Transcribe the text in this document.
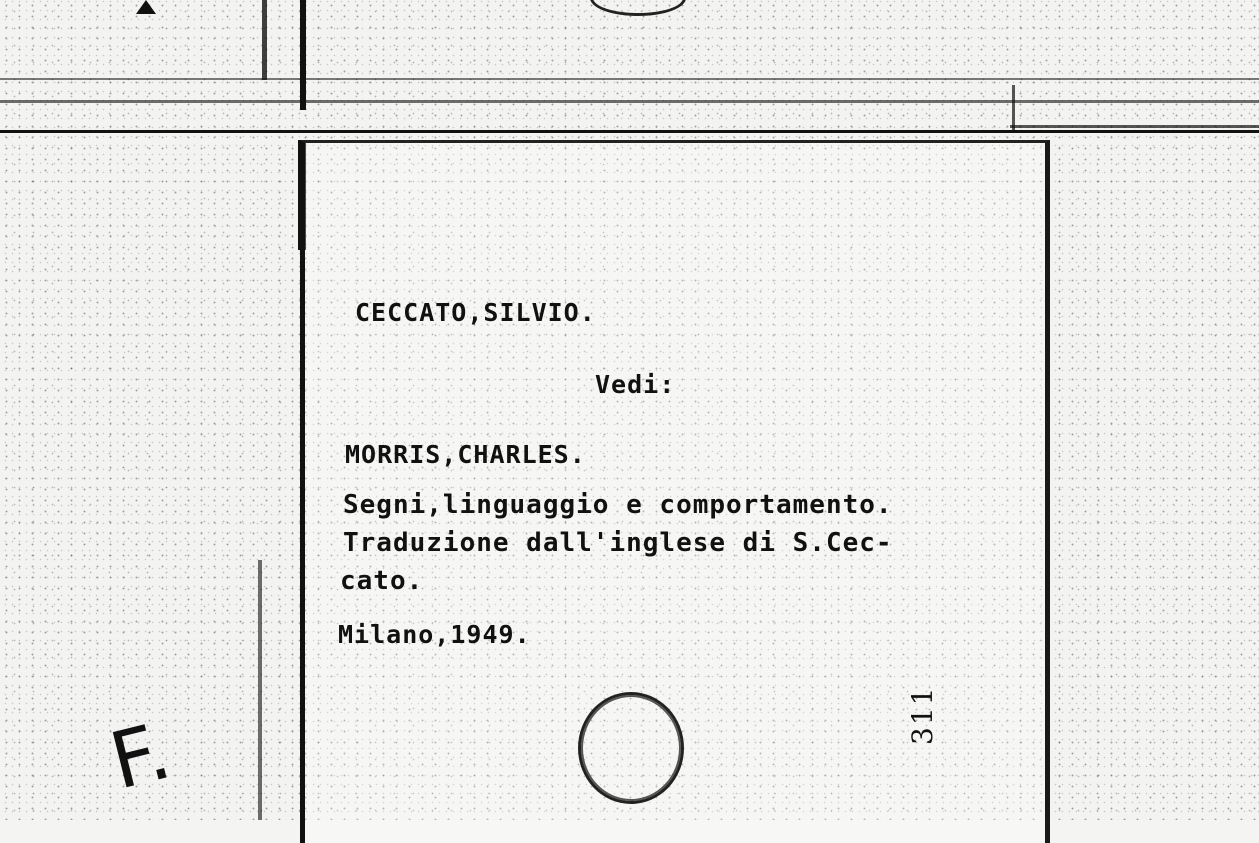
CECCATO,SILVIO.
Vedi:
MORRIS,CHARLES.
Segni,linguaggio e comportamento.
Traduzione dall'inglese di S.Cec-
cato.
Milano,1949.
311
F.
